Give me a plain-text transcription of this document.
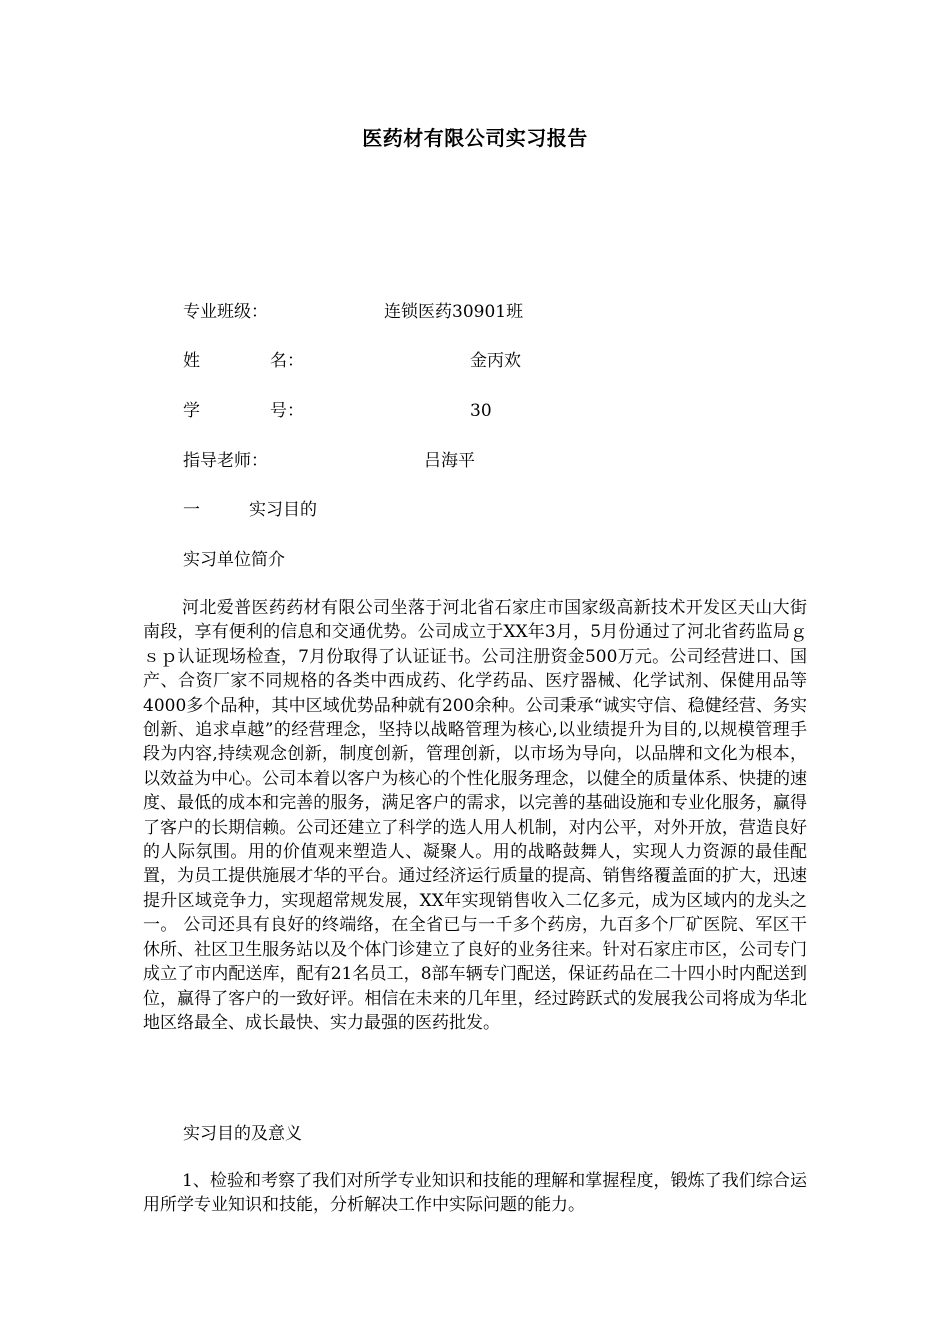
医药材有限公司实习报告
专业班级：	连锁医药30901班
姓	名：	金丙欢
学	号：	30
指导老师：	吕海平
一	实习目的
实习单位简介

河北爱普医药药材有限公司坐落于河北省石家庄市国家级高新技术开发区天山大街南段，享有便利的信息和交通优势。公司成立于XX年3月，5月份通过了河北省药监局ｇｓｐ认证现场检查，7月份取得了认证证书。公司注册资金500万元。公司经营进口、国产、合资厂家不同规格的各类中西成药、化学药品、医疗器械、化学试剂、保健用品等4000多个品种，其中区域优势品种就有200余种。公司秉承“诚实守信、稳健经营、务实创新、追求卓越”的经营理念，坚持以战略管理为核心,以业绩提升为目的,以规模管理手段为内容,持续观念创新，制度创新，管理创新，以市场为导向，以品牌和文化为根本，以效益为中心。公司本着以客户为核心的个性化服务理念，以健全的质量体系、快捷的速度、最低的成本和完善的服务，满足客户的需求，以完善的基础设施和专业化服务，赢得了客户的长期信赖。公司还建立了科学的选人用人机制，对内公平，对外开放，营造良好的人际氛围。用的价值观来塑造人、凝聚人。用的战略鼓舞人，实现人力资源的最佳配置，为员工提供施展才华的平台。通过经济运行质量的提高、销售络覆盖面的扩大，迅速提升区域竞争力，实现超常规发展，XX年实现销售收入二亿多元，成为区域内的龙头之一。 公司还具有良好的终端络，在全省已与一千多个药房，九百多个厂矿医院、军区干休所、社区卫生服务站以及个体门诊建立了良好的业务往来。针对石家庄市区，公司专门成立了市内配送库，配有21名员工，8部车辆专门配送，保证药品在二十四小时内配送到位，赢得了客户的一致好评。相信在未来的几年里，经过跨跃式的发展我公司将成为华北地区络最全、成长最快、实力最强的医药批发。

实习目的及意义

1、检验和考察了我们对所学专业知识和技能的理解和掌握程度，锻炼了我们综合运用所学专业知识和技能，分析解决工作中实际问题的能力。
